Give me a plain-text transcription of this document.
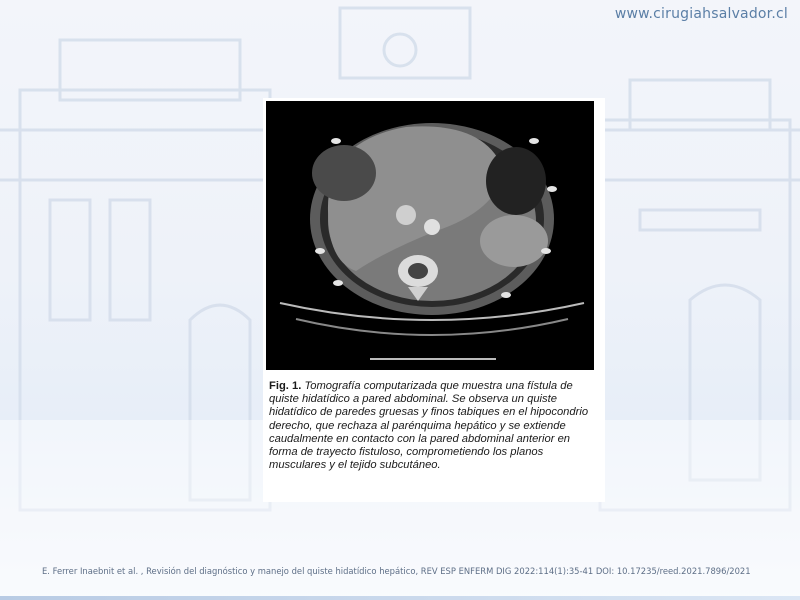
www.cirugiahsalvador.cl
Fig. 1. Tomografía computarizada que muestra una fístula de quiste hidatídico a pared abdominal. Se observa un quiste hidatídico de paredes gruesas y finos tabiques en el hipocondrio derecho, que rechaza al parénquima hepático y se extiende caudalmente en contacto con la pared abdominal anterior en forma de trayecto fistuloso, comprometiendo los planos musculares y el tejido subcutáneo.
E. Ferrer Inaebnit et al. , Revisión del diagnóstico y manejo del quiste hidatídico hepático, REV ESP ENFERM DIG 2022:114(1):35-41 DOI: 10.17235/reed.2021.7896/2021
